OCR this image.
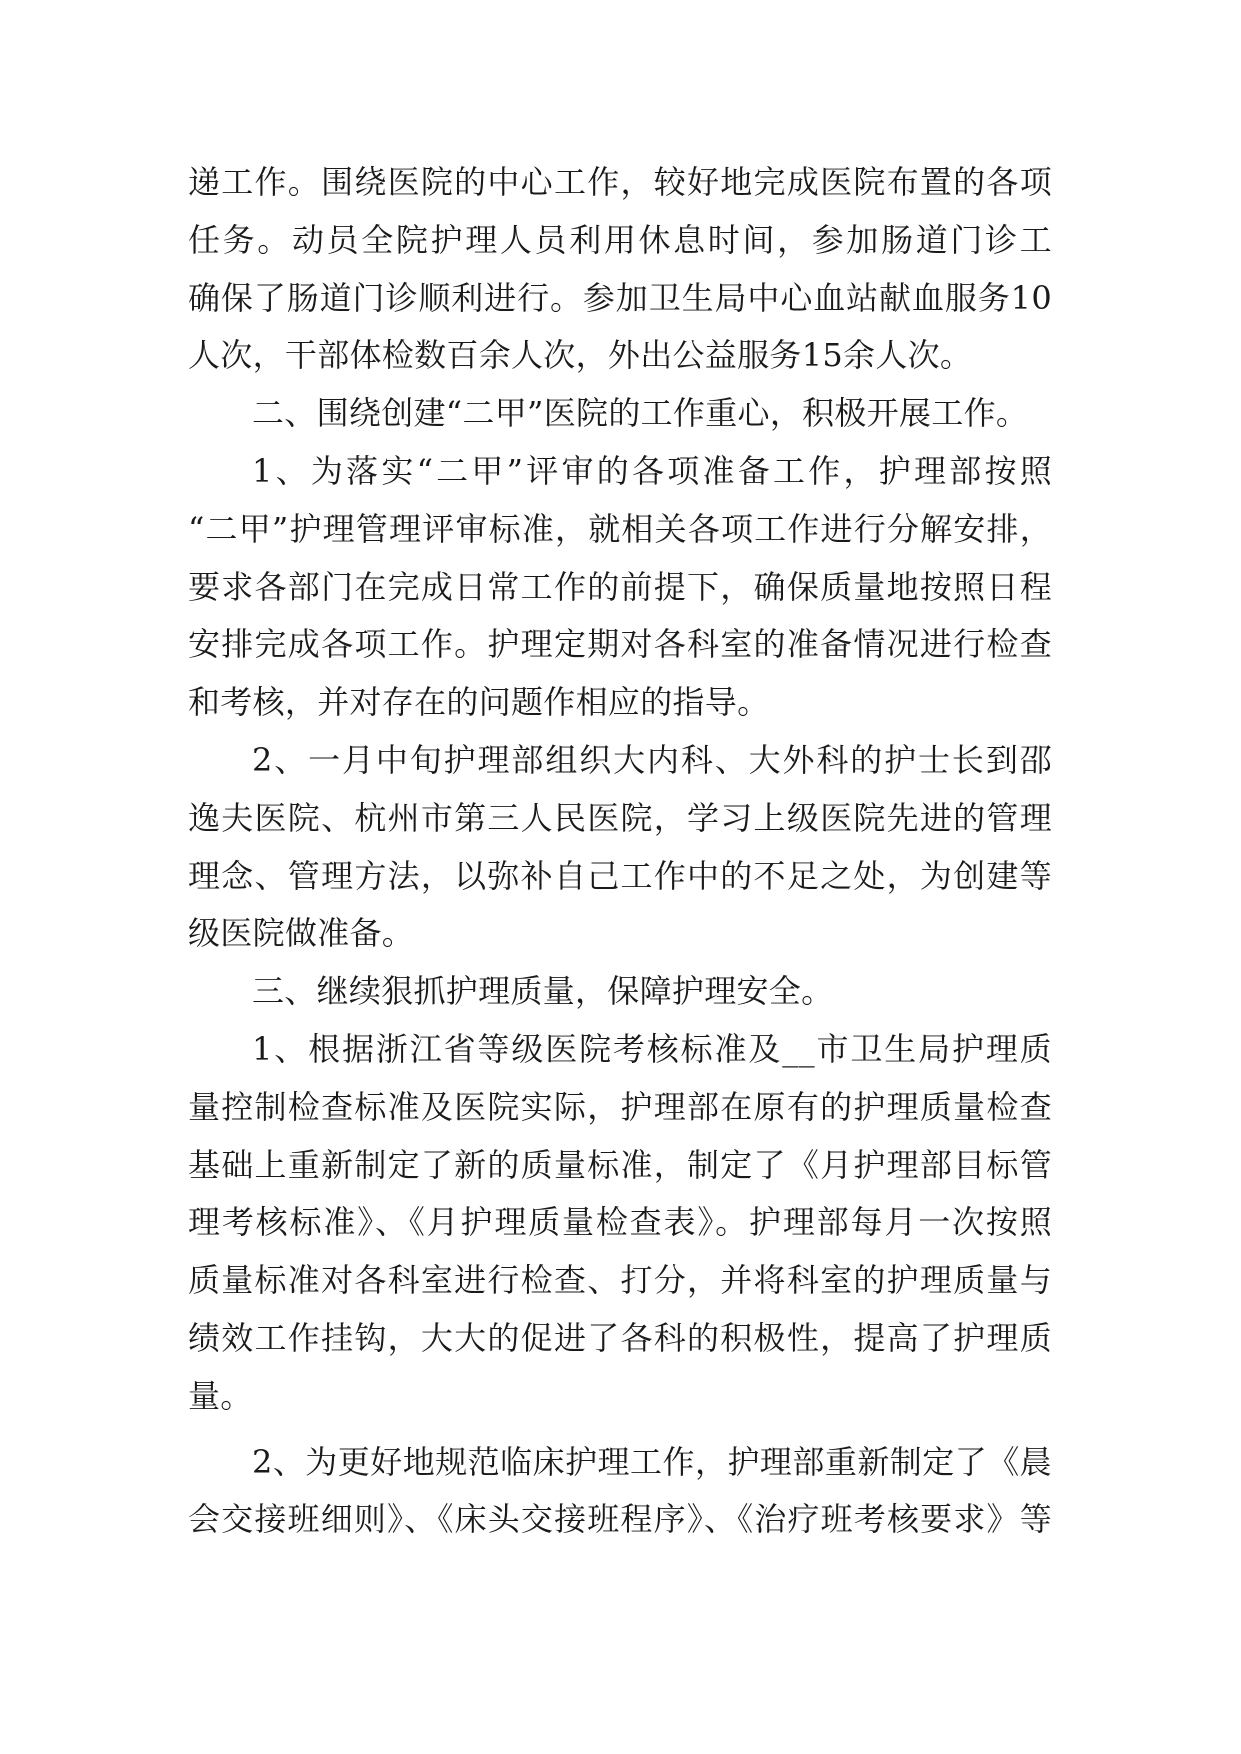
递工作。围绕医院的中心工作，较好地完成医院布置的各项
任务。动员全院护理人员利用休息时间，参加肠道门诊工
确保了肠道门诊顺利进行。参加卫生局中心血站献血服务10
人次，干部体检数百余人次，外出公益服务15余人次。
二、围绕创建“二甲”医院的工作重心，积极开展工作。
1、为落实“二甲”评审的各项准备工作，护理部按照
“二甲”护理管理评审标准，就相关各项工作进行分解安排，
要求各部门在完成日常工作的前提下，确保质量地按照日程
安排完成各项工作。护理定期对各科室的准备情况进行检查
和考核，并对存在的问题作相应的指导。
2、一月中旬护理部组织大内科、大外科的护士长到邵
逸夫医院、杭州市第三人民医院，学习上级医院先进的管理
理念、管理方法，以弥补自己工作中的不足之处，为创建等
级医院做准备。
三、继续狠抓护理质量，保障护理安全。
1、根据浙江省等级医院考核标准及__市卫生局护理质
量控制检查标准及医院实际，护理部在原有的护理质量检查
基础上重新制定了新的质量标准，制定了《月护理部目标管
理考核标准》、《月护理质量检查表》。护理部每月一次按照
质量标准对各科室进行检查、打分，并将科室的护理质量与
绩效工作挂钩，大大的促进了各科的积极性，提高了护理质
量。
2、为更好地规范临床护理工作，护理部重新制定了《晨
会交接班细则》、《床头交接班程序》、《治疗班考核要求》等
